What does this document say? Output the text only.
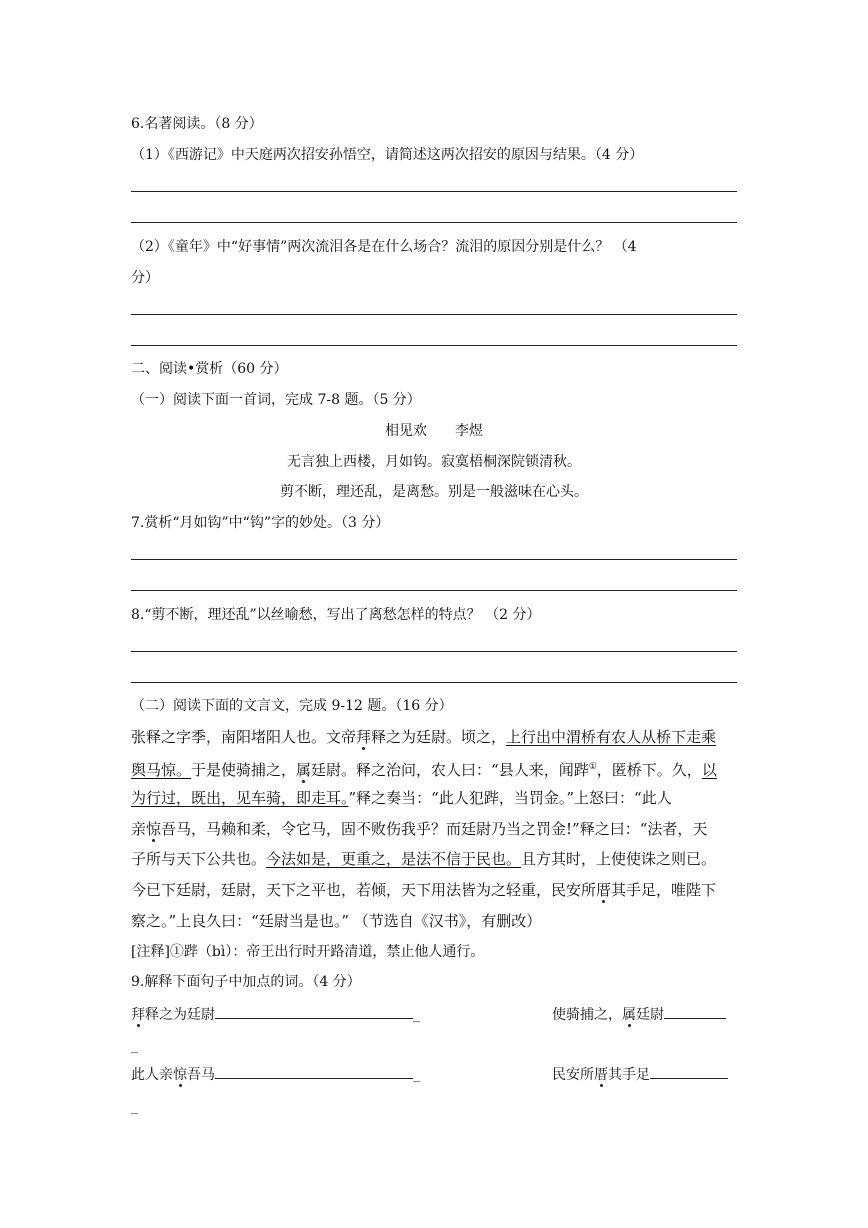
6.名著阅读。（8 分）
（1）《西游记》中天庭两次招安孙悟空，请简述这两次招安的原因与结果。（4 分）
（2）《童年》中“好事情”两次流泪各是在什么场合？流泪的原因分别是什么？ （4
分）
二、阅读•赏析（60 分）
（一）阅读下面一首词，完成 7-8 题。（5 分）
相见欢　　李煜
无言独上西楼，月如钩。寂寞梧桐深院锁清秋。
剪不断，理还乱，是离愁。别是一般滋味在心头。
7.赏析“月如钩”中“钩”字的妙处。（3 分）
8.“剪不断，理还乱”以丝喻愁，写出了离愁怎样的特点？ （2 分）
（二）阅读下面的文言文，完成 9-12 题。（16 分）
张释之字季，南阳堵阳人也。文帝拜释之为廷尉。顷之，上行出中渭桥有农人从桥下走乘
舆马惊。于是使骑捕之，属廷尉。释之治问，农人曰：“县人来，闻跸①，匿桥下。久，以
为行过，既出，见车骑，即走耳。”释之奏当：“此人犯跸，当罚金。”上怒曰：“此人
亲惊吾马，马赖和柔，令它马，固不败伤我乎？而廷尉乃当之罚金!”释之曰：“法者，天
子所与天下公共也。今法如是，更重之，是法不信于民也。且方其时，上使使诛之则已。
今已下廷尉，廷尉，天下之平也，若倾，天下用法皆为之轻重，民安所厝其手足，唯陛下
察之。”上良久曰：“廷尉当是也。” （节选自《汉书》，有删改）
[注释]①跸（bì）：帝王出行时开路清道，禁止他人通行。
9.解释下面句子中加点的词。（4 分）
拜释之为廷尉	_	使骑捕之，属廷尉
_
此人亲惊吾马	_	民安所厝其手足
_
